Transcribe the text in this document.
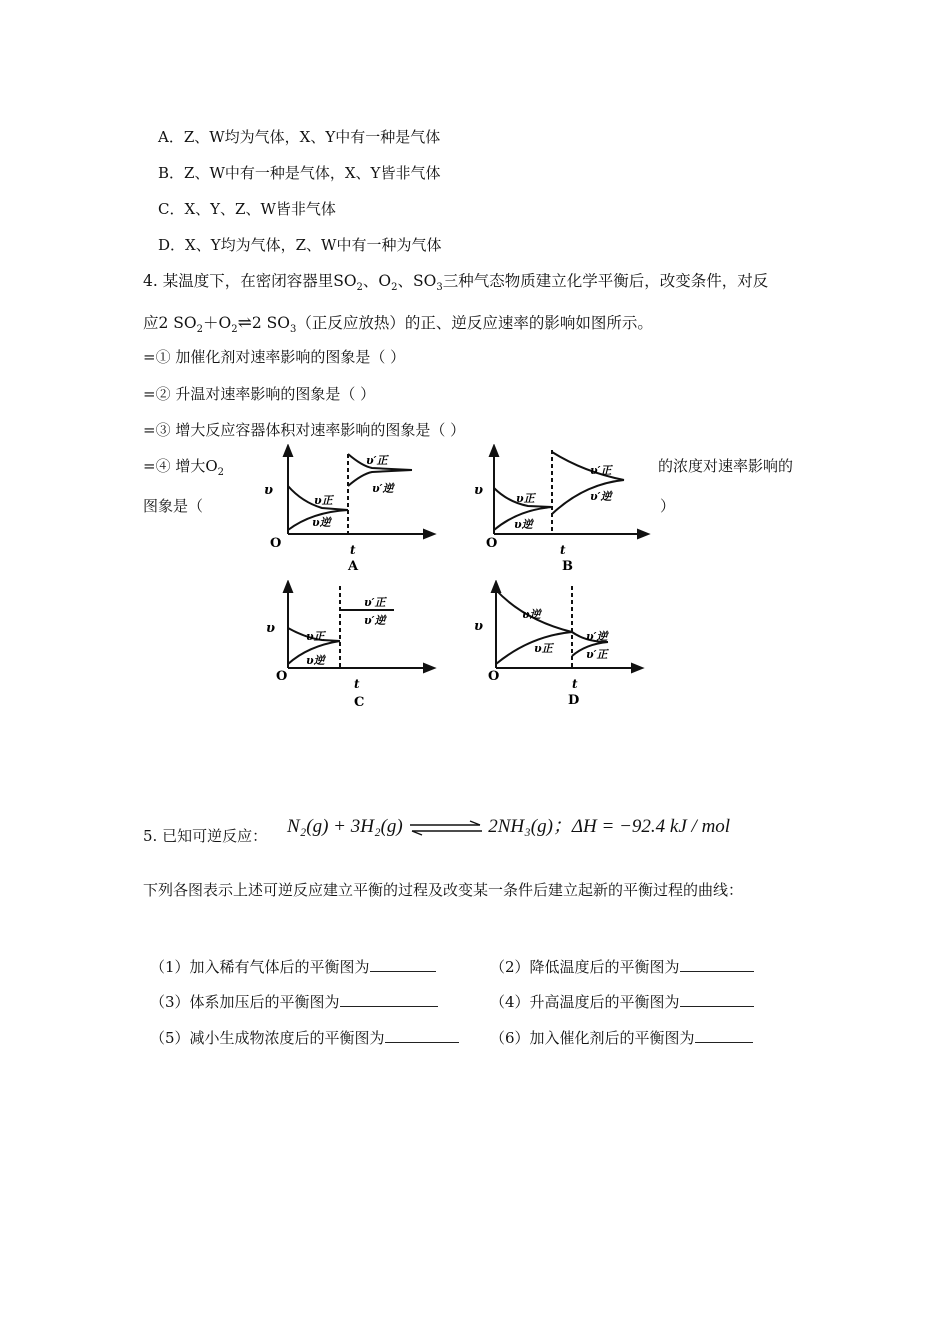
A．Z、W均为气体，X、Y中有一种是气体
B．Z、W中有一种是气体，X、Y皆非气体
C．X、Y、Z、W皆非气体
D．X、Y均为气体，Z、W中有一种为气体
4. 某温度下，在密闭容器里$SO_2$、$O_2$、$SO_3$三种气态物质建立化学平衡后，改变条件，对反
应2 $SO_2+O_2\rightleftharpoons 2$ $SO_3$（正反应放热）的正、逆反应速率的影响如图所示。
=① 加催化剂对速率影响的图象是（ ）
=② 升温对速率影响的图象是（ ）
=③ 增大反应容器体积对速率影响的图象是（ ）
=④ 增大$O_2$	的浓度对速率影响的
图象是（	）
υ
υ正
υ逆
υ′正
υ′逆
O	t
A
υ
υ正
υ逆
υ′正
υ′逆
O	t
B
υ
υ正
υ逆
υ′正
υ′逆
O	t
C
υ
υ逆
υ正
υ′逆
υ′正
O	t
D
5. 已知可逆反应： N₂(g) + 3H₂(g) ⇌ 2NH₃(g)；ΔH = −92.4 kJ / mol
下列各图表示上述可逆反应建立平衡的过程及改变某一条件后建立起新的平衡过程的曲线：
（1）加入稀有气体后的平衡图为	（2）降低温度后的平衡图为
（3）体系加压后的平衡图为	（4）升高温度后的平衡图为
（5）减小生成物浓度后的平衡图为	（6）加入催化剂后的平衡图为
